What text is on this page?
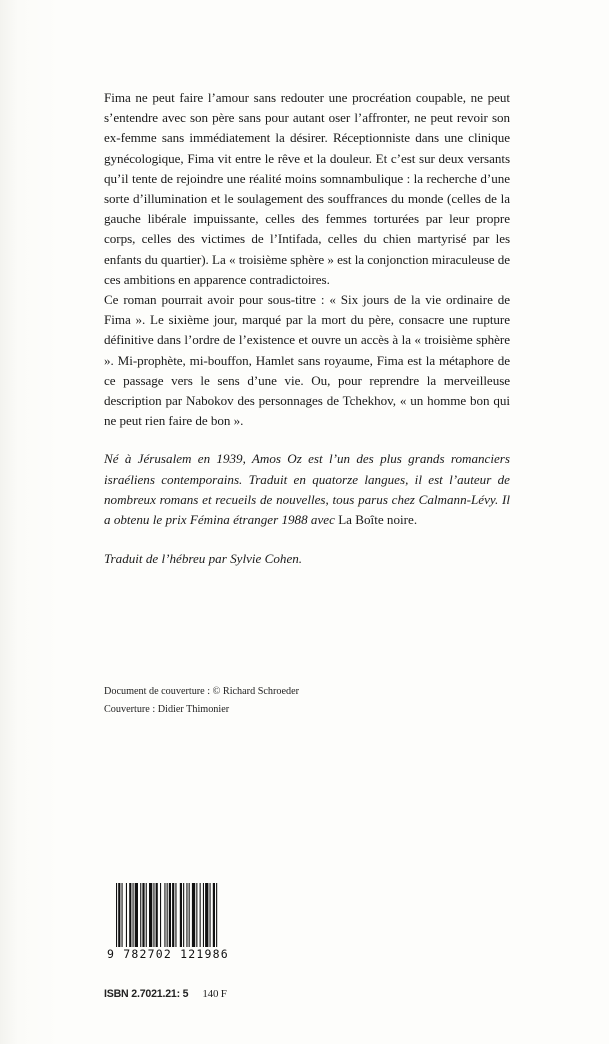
Fima ne peut faire l’amour sans redouter une procréation coupable, ne peut s’entendre avec son père sans pour autant oser l’affronter, ne peut revoir son ex-femme sans immédiatement la désirer. Réceptionniste dans une clinique gynécologique, Fima vit entre le rêve et la douleur. Et c’est sur deux versants qu’il tente de rejoindre une réalité moins somnambulique : la recherche d’une sorte d’illumination et le soulagement des souffrances du monde (celles de la gauche libérale impuissante, celles des femmes torturées par leur propre corps, celles des victimes de l’Intifada, celles du chien martyrisé par les enfants du quartier). La « troisième sphère » est la conjonction miraculeuse de ces ambitions en apparence contradictoires.

Ce roman pourrait avoir pour sous-titre : « Six jours de la vie ordinaire de Fima ». Le sixième jour, marqué par la mort du père, consacre une rupture définitive dans l’ordre de l’existence et ouvre un accès à la « troisième sphère ». Mi-prophète, mi-bouffon, Hamlet sans royaume, Fima est la métaphore de ce passage vers le sens d’une vie. Ou, pour reprendre la merveilleuse description par Nabokov des personnages de Tchekhov, « un homme bon qui ne peut rien faire de bon ».

Né à Jérusalem en 1939, Amos Oz est l’un des plus grands romanciers israéliens contemporains. Traduit en quatorze langues, il est l’auteur de nombreux romans et recueils de nouvelles, tous parus chez Calmann-Lévy. Il a obtenu le prix Fémina étranger 1988 avec La Boîte noire.

Traduit de l’hébreu par Sylvie Cohen.

Document de couverture : © Richard Schroeder
Couverture : Didier Thimonier
9 782702 121986
ISBN 2.7021.21: 5 140 F
